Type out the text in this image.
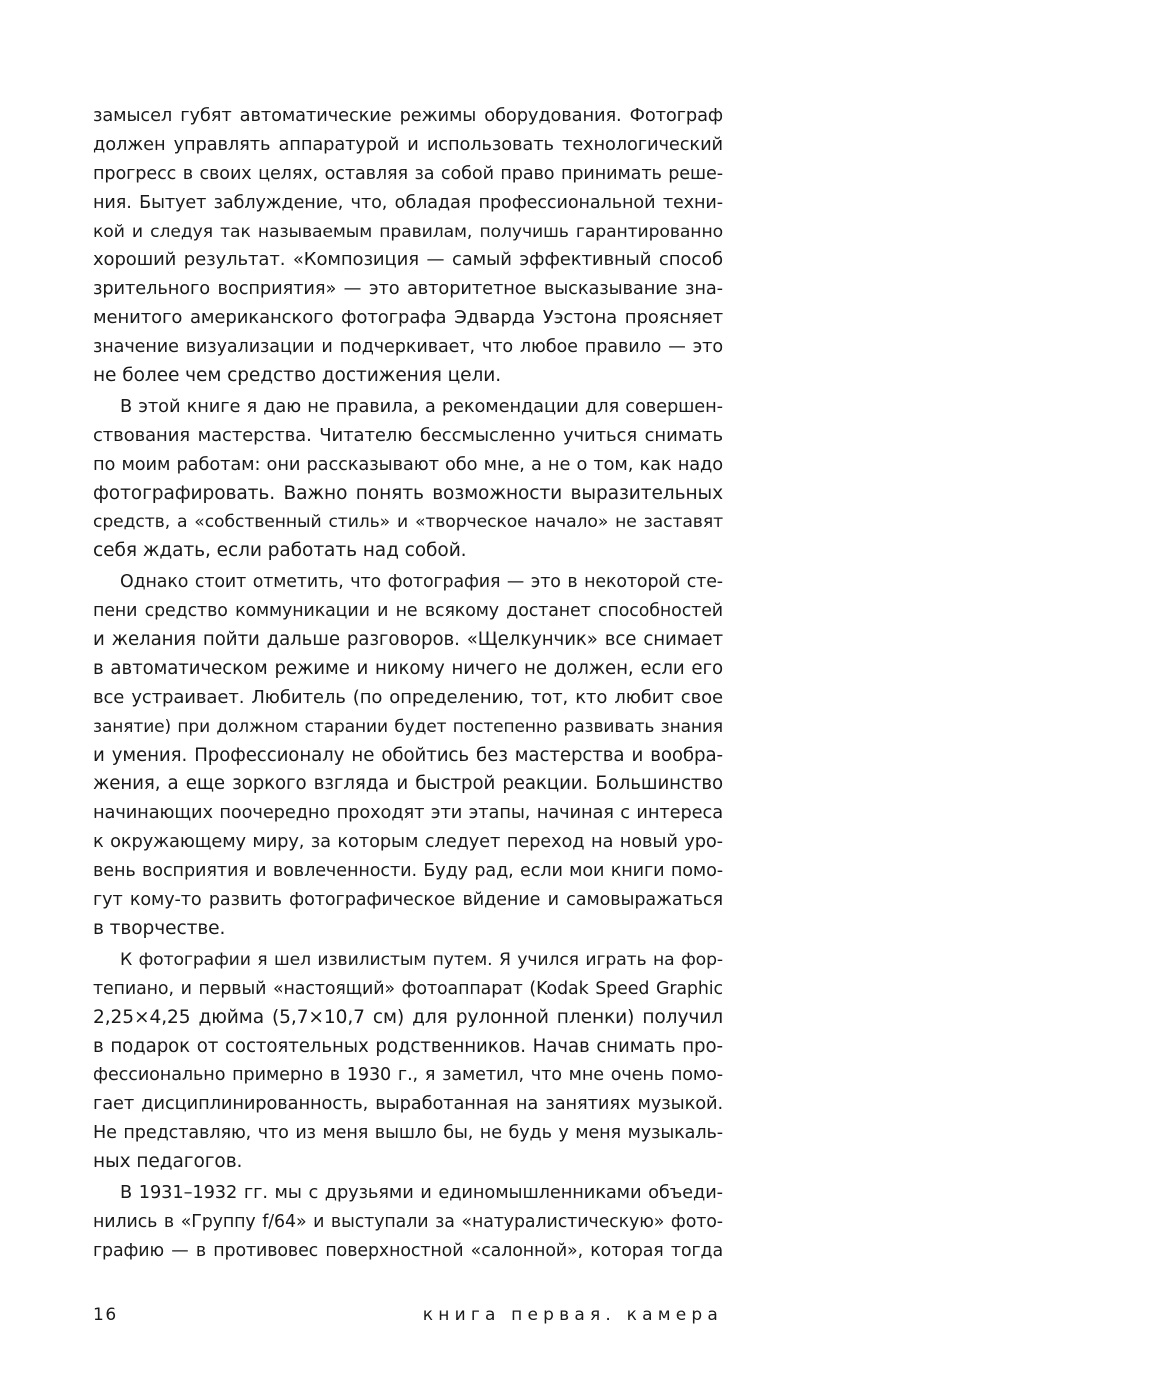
замысел губят автоматические режимы оборудования. Фотограф
должен управлять аппаратурой и использовать технологический
прогресс в своих целях, оставляя за собой право принимать реше-
ния. Бытует заблуждение, что, обладая профессиональной техни-
кой и следуя так называемым правилам, получишь гарантированно
хороший результат. «Композиция — самый эффективный способ
зрительного восприятия» — это авторитетное высказывание зна-
менитого американского фотографа Эдварда Уэстона проясняет
значение визуализации и подчеркивает, что любое правило — это
не более чем средство достижения цели.
В этой книге я даю не правила, а рекомендации для совершен-
ствования мастерства. Читателю бессмысленно учиться снимать
по моим работам: они рассказывают обо мне, а не о том, как надо
фотографировать. Важно понять возможности выразительных
средств, а «собственный стиль» и «творческое начало» не заставят
себя ждать, если работать над собой.
Однако стоит отметить, что фотография — это в некоторой сте-
пени средство коммуникации и не всякому достанет способностей
и желания пойти дальше разговоров. «Щелкунчик» все снимает
в автоматическом режиме и никому ничего не должен, если его
все устраивает. Любитель (по определению, тот, кто любит свое
занятие) при должном старании будет постепенно развивать знания
и умения. Профессионалу не обойтись без мастерства и вообра-
жения, а еще зоркого взгляда и быстрой реакции. Большинство
начинающих поочередно проходят эти этапы, начиная с интереса
к окружающему миру, за которым следует переход на новый уро-
вень восприятия и вовлеченности. Буду рад, если мои книги помо-
гут кому-то развить фотографическое вйдение и самовыражаться
в творчестве.
К фотографии я шел извилистым путем. Я учился играть на фор-
тепиано, и первый «настоящий» фотоаппарат (Kodak Speed Graphic
2,25×4,25 дюйма (5,7×10,7 см) для рулонной пленки) получил
в подарок от состоятельных родственников. Начав снимать про-
фессионально примерно в 1930 г., я заметил, что мне очень помо-
гает дисциплинированность, выработанная на занятиях музыкой.
Не представляю, что из меня вышло бы, не будь у меня музыкаль-
ных педагогов.
В 1931–1932 гг. мы с друзьями и единомышленниками объеди-
нились в «Группу f/64» и выступали за «натуралистическую» фото-
графию — в противовес поверхностной «салонной», которая тогда
16	книга первая. камера
